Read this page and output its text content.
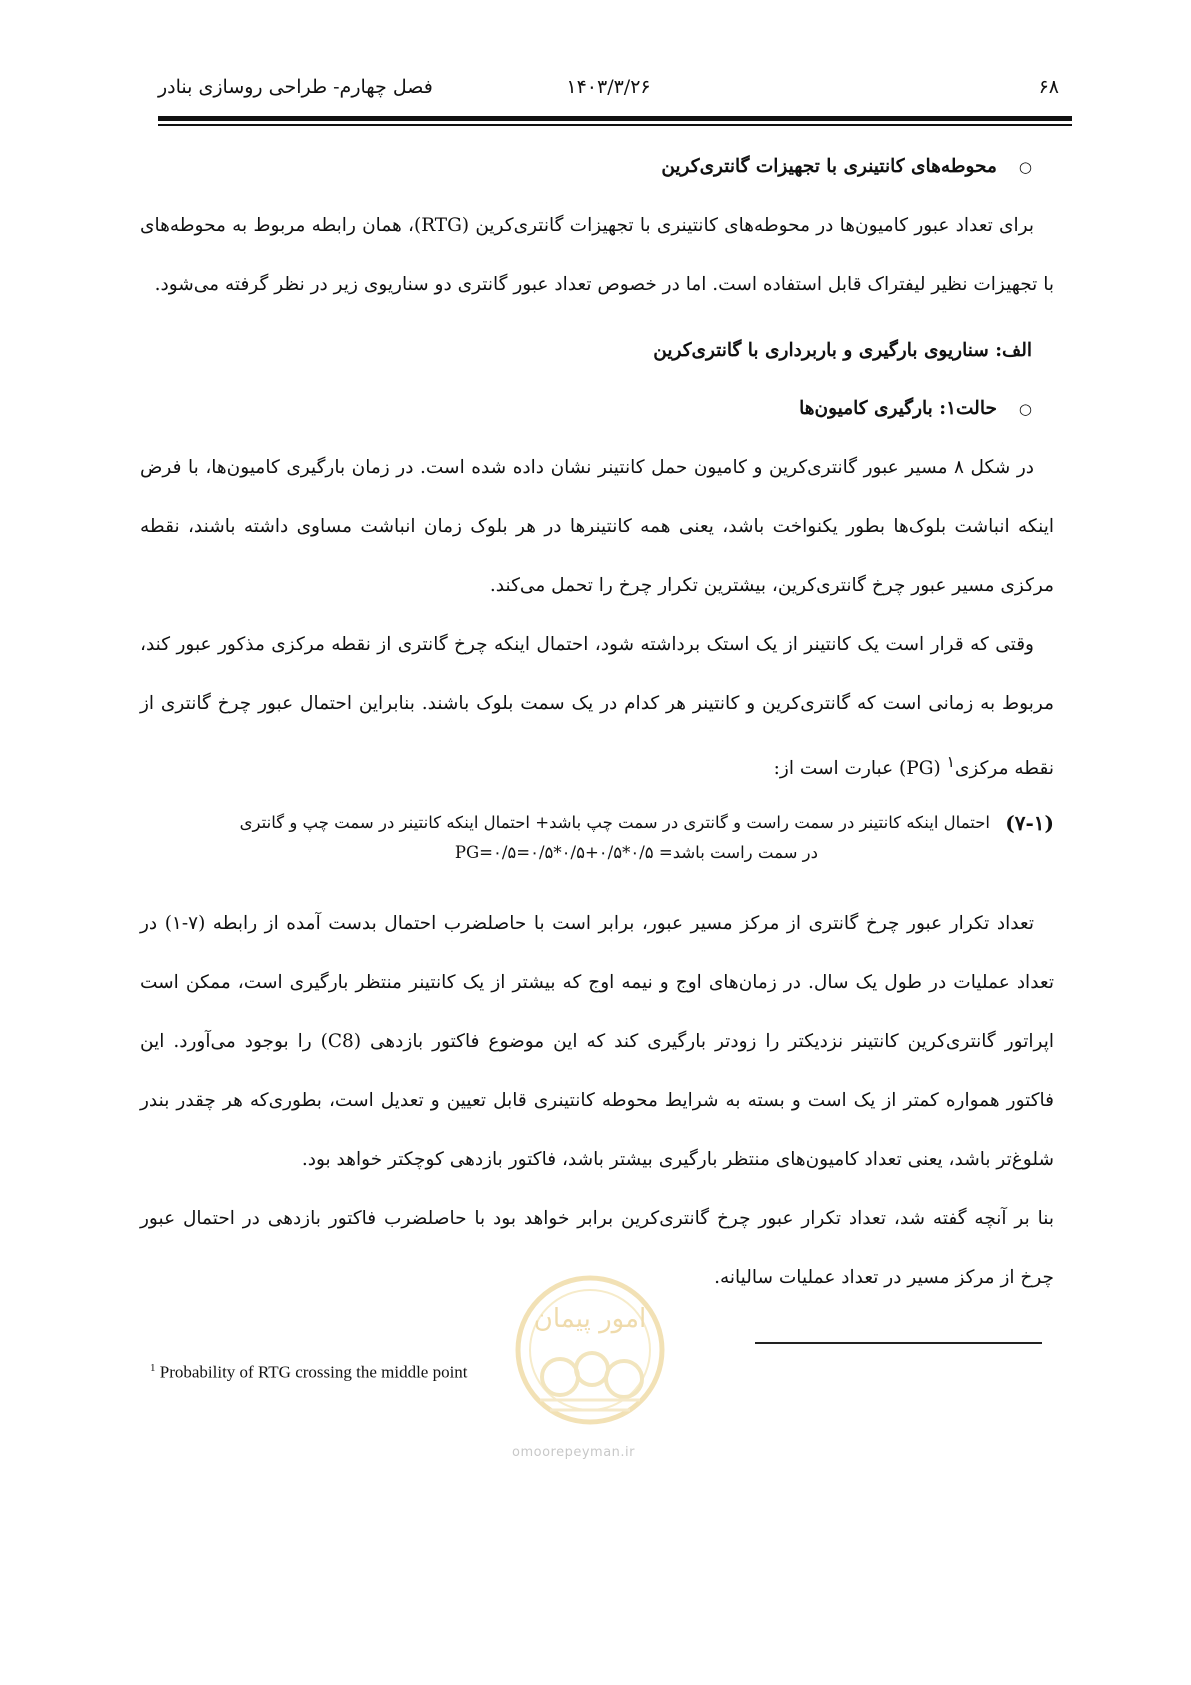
۶۸
۱۴۰۳/۳/۲۶
فصل چهارم- طراحی روسازی بنادر

○محوطه‌های کانتینری با تجهیزات گانتری‌کرین

برای تعداد عبور کامیون‌ها در محوطه‌های کانتینری با تجهیزات گانتری‌کرین (RTG)، همان رابطه مربوط به محوطه‌های با تجهیزات نظیر لیفتراک قابل استفاده است. اما در خصوص تعداد عبور گانتری دو سناریوی زیر در نظر گرفته می‌شود.

الف: سناریوی بارگیری و باربرداری با گانتری‌کرین

○حالت۱: بارگیری کامیون‌ها

در شکل ۸ مسیر عبور گانتری‌کرین و کامیون حمل کانتینر نشان داده شده است. در زمان بارگیری کامیون‌ها، با فرض اینکه انباشت بلوک‌ها بطور یکنواخت باشد، یعنی همه کانتینرها در هر بلوک زمان انباشت مساوی داشته باشند، نقطه مرکزی مسیر عبور چرخ گانتری‌کرین، بیشترین تکرار چرخ را تحمل می‌کند.

وقتی که قرار است یک کانتینر از یک استک برداشته شود، احتمال اینکه چرخ گانتری از نقطه مرکزی مذکور عبور کند، مربوط به زمانی است که گانتری‌کرین و کانتینر هر کدام در یک سمت بلوک باشند. بنابراین احتمال عبور چرخ گانتری از نقطه مرکزی$^۱$ (PG) عبارت است از:

(۷-۱)
احتمال اینکه کانتینر در سمت راست و گانتری در سمت چپ باشد+ احتمال اینکه کانتینر در سمت چپ و گانتری
در سمت راست باشد= ۰/۵*۰/۵+۰/۵*۰/۵=۰/۵=PG

تعداد تکرار عبور چرخ گانتری از مرکز مسیر عبور، برابر است با حاصلضرب احتمال بدست آمده از رابطه (۷-۱) در تعداد عملیات در طول یک سال. در زمان‌های اوج و نیمه اوج که بیشتر از یک کانتینر منتظر بارگیری است، ممکن است اپراتور گانتری‌کرین کانتینر نزدیکتر را زودتر بارگیری کند که این موضوع فاکتور بازدهی (C8) را بوجود می‌آورد. این فاکتور همواره کمتر از یک است و بسته به شرایط محوطه کانتینری قابل تعیین و تعدیل است، بطوری‌که هر چقدر بندر شلوغ‌تر باشد، یعنی تعداد کامیون‌های منتظر بارگیری بیشتر باشد، فاکتور بازدهی کوچکتر خواهد بود.

بنا بر آنچه گفته شد، تعداد تکرار عبور چرخ گانتری‌کرین برابر خواهد بود با حاصلضرب فاکتور بازدهی در احتمال عبور چرخ از مرکز مسیر در تعداد عملیات سالیانه.

امور پیمان
omoorepeyman.ir
$^1$ Probability of RTG crossing the middle point
